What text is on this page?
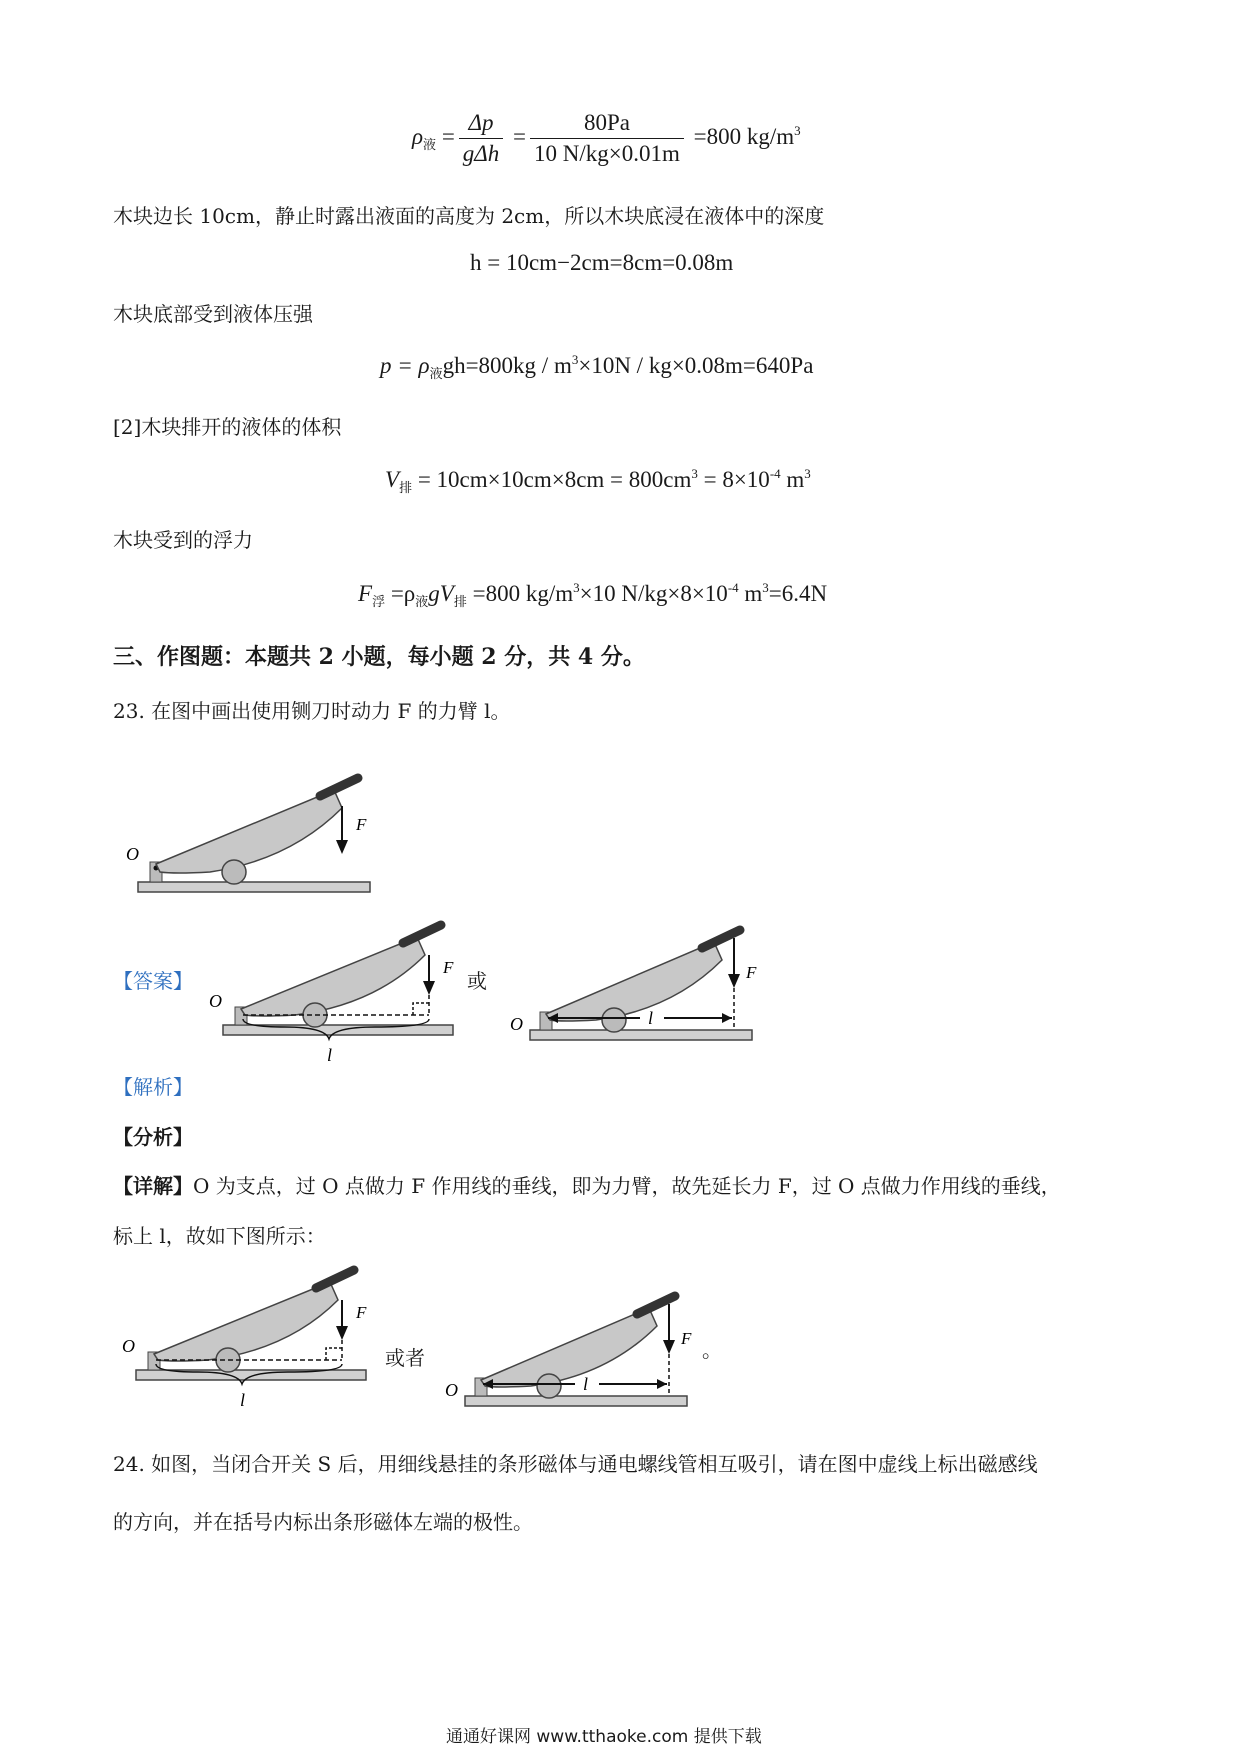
$\rho_液 = \frac{\Delta p}{\text{gΔh}} = \frac{80Pa}{10 N/kg\times 0.01m} =800$ $kg/m^3$
木块边长 10cm，静止时露出液面的高度为 2cm，所以木块底浸在液体中的深度
h = 10cm−2cm=8cm=0.08m
木块底部受到液体压强
$p = \rho_液gh=800kg / m^3\times 10N / kg\times 0.08m=640Pa$
[2]木块排开的液体的体积
$V_排 = 10cm\times 10cm\times 8cm = 800cm^3 = 8\times 10^{-4}$ $m^3$
木块受到的浮力
$F_浮 =\rho_液gV_排 =800$ $kg/m^3\times 10$ $N/kg\times 8\times 10^{-4}$ $m^3=6.4N$
三、作图题：本题共 2 小题，每小题 2 分，共 4 分。
23. 在图中画出使用铡刀时动力 F 的力臂 l。
F
O
【答案】
F
O
l
或
l
F
O
【解析】
【分析】
【详解】O 为支点，过 O 点做力 F 作用线的垂线，即为力臂，故先延长力 F，过 O 点做力作用线的垂线，
标上 l，故如下图所示：
F
O
l
或者
l
F
O
。
24. 如图，当闭合开关 S 后，用细线悬挂的条形磁体与通电螺线管相互吸引，请在图中虚线上标出磁感线
的方向，并在括号内标出条形磁体左端的极性。
通通好课网 www.tthaoke.com 提供下载
